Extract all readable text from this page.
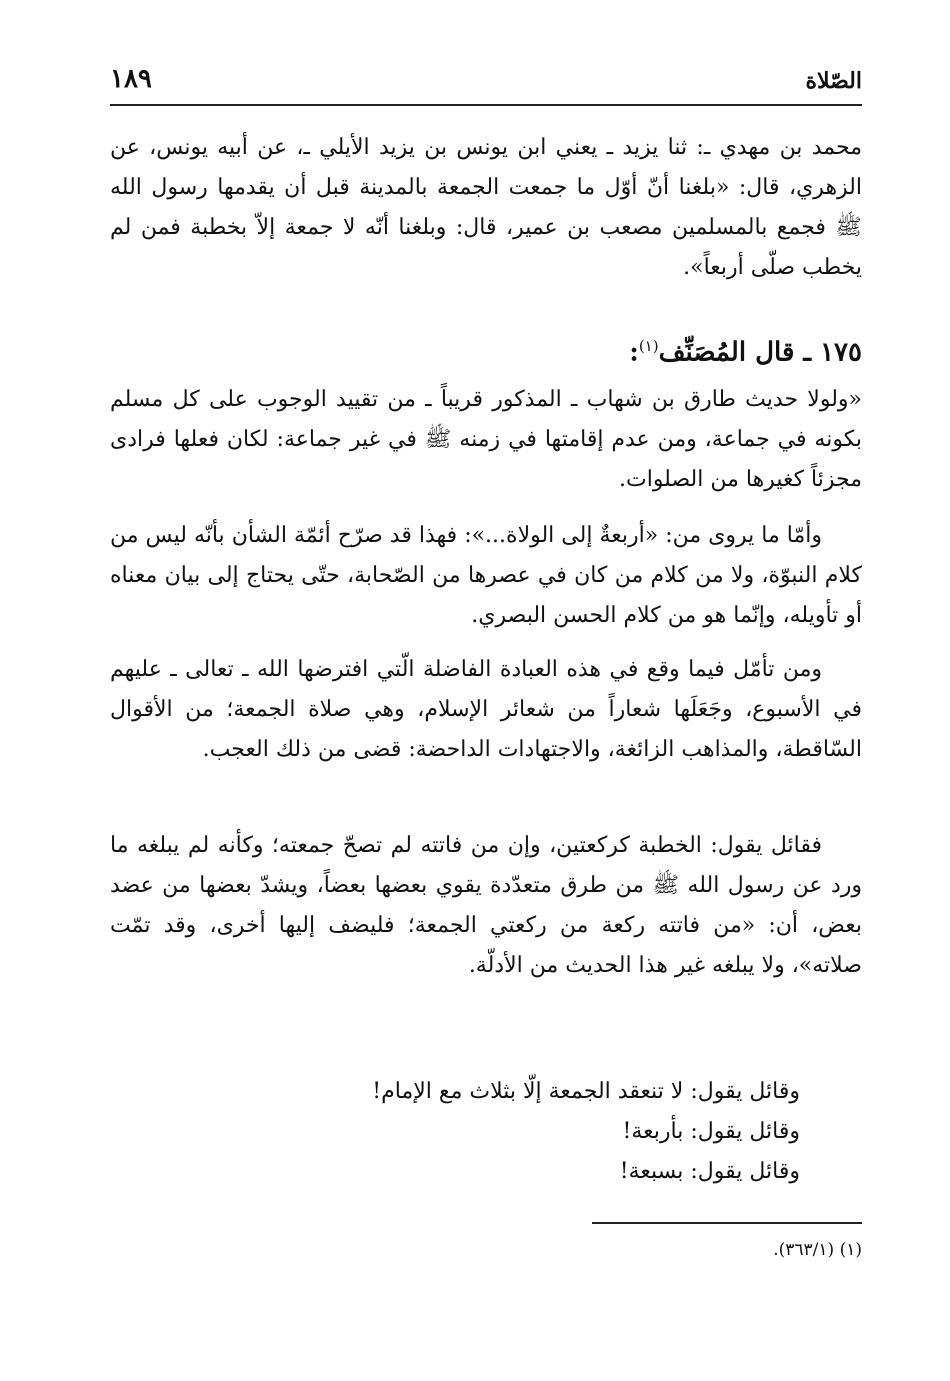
الصّلاة
١٨٩
محمد بن مهدي ـ: ثنا يزيد ـ يعني ابن يونس بن يزيد الأيلي ـ، عن أبيه يونس، عن الزهري، قال: «بلغنا أنّ أوّل ما جمعت الجمعة بالمدينة قبل أن يقدمها رسول الله ﷺ فجمع بالمسلمين مصعب بن عمير، قال: وبلغنا أنّه لا جمعة إلاّ بخطبة فمن لم يخطب صلّى أربعاً».
١٧٥ ـ قال المُصَنِّف$^{(١)}$:
«ولولا حديث طارق بن شهاب ـ المذكور قريباً ـ من تقييد الوجوب على كل مسلم بكونه في جماعة، ومن عدم إقامتها في زمنه ﷺ في غير جماعة: لكان فعلها فرادى مجزئاً كغيرها من الصلوات.
وأمّا ما يروى من: «أربعةٌ إلى الولاة...»: فهذا قد صرّح أئمّة الشأن بأنّه ليس من كلام النبوّة، ولا من كلام من كان في عصرها من الصّحابة، حتّى يحتاج إلى بيان معناه أو تأويله، وإنّما هو من كلام الحسن البصري.
ومن تأمّل فيما وقع في هذه العبادة الفاضلة الّتي افترضها الله ـ تعالى ـ عليهم في الأسبوع، وجَعَلَها شعاراً من شعائر الإسلام، وهي صلاة الجمعة؛ من الأقوال السّاقطة، والمذاهب الزائغة، والاجتهادات الداحضة: قضى من ذلك العجب.
فقائل يقول: الخطبة كركعتين، وإن من فاتته لم تصحّ جمعته؛ وكأنه لم يبلغه ما ورد عن رسول الله ﷺ من طرق متعدّدة يقوي بعضها بعضاً، ويشدّ بعضها من عضد بعض، أن: «من فاتته ركعة من ركعتي الجمعة؛ فليضف إليها أخرى، وقد تمّت صلاته»، ولا يبلغه غير هذا الحديث من الأدلّة.
وقائل يقول: لا تنعقد الجمعة إلّا بثلاث مع الإمام!
وقائل يقول: بأربعة!
وقائل يقول: بسبعة!
(١) (٣٦٣/١).
